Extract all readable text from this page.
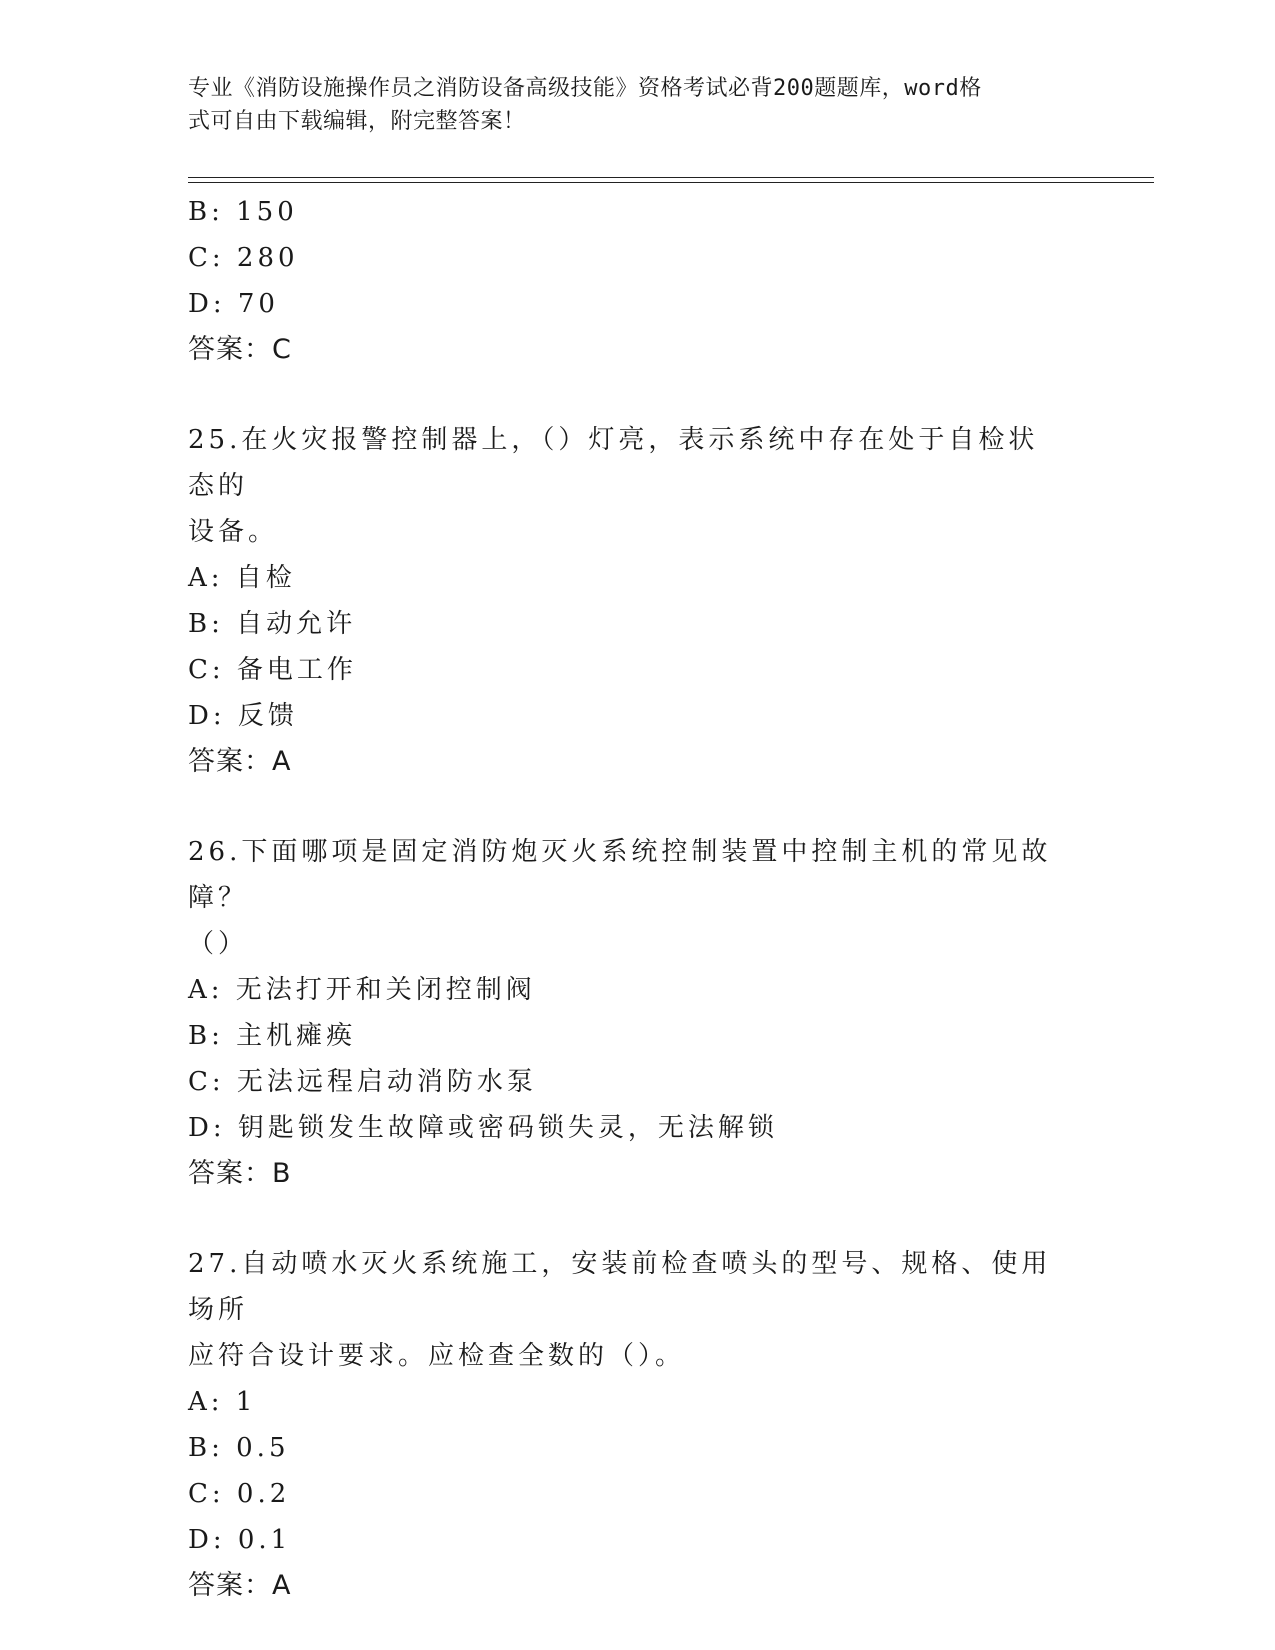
专业《消防设施操作员之消防设备高级技能》资格考试必背200题题库，word格
式可自由下载编辑，附完整答案！
B: 150
C: 280
D: 70
答案：C
25.在火灾报警控制器上，（）灯亮，表示系统中存在处于自检状态的
设备。
A: 自检
B: 自动允许
C: 备电工作
D: 反馈
答案：A
26.下面哪项是固定消防炮灭火系统控制装置中控制主机的常见故障？
（）
A: 无法打开和关闭控制阀
B: 主机瘫痪
C: 无法远程启动消防水泵
D: 钥匙锁发生故障或密码锁失灵，无法解锁
答案：B
27.自动喷水灭火系统施工，安装前检查喷头的型号、规格、使用场所
应符合设计要求。应检查全数的（）。
A: 1
B: 0.5
C: 0.2
D: 0.1
答案：A
